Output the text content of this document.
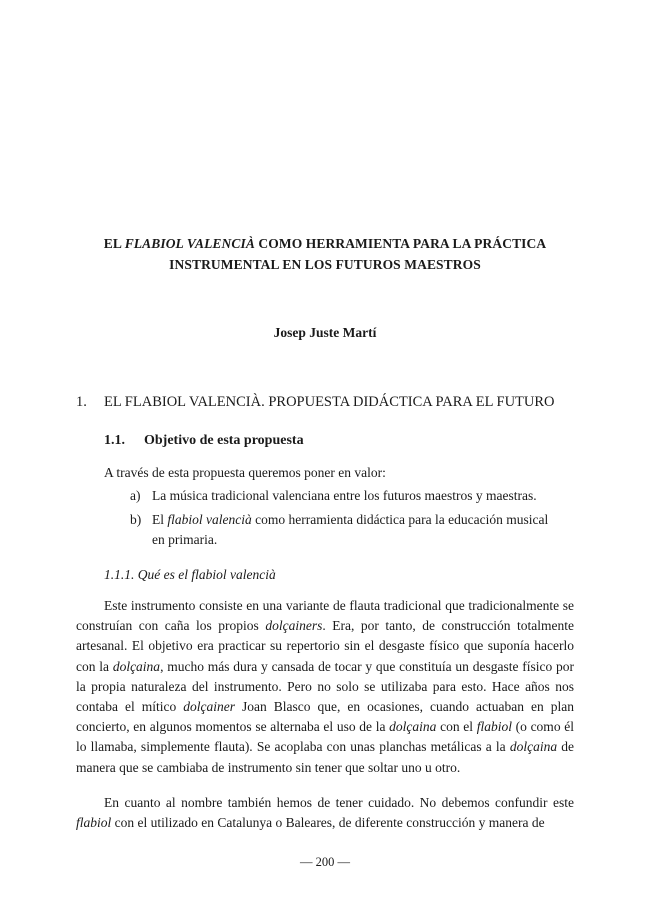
EL FLABIOL VALENCIÀ COMO HERRAMIENTA PARA LA PRÁCTICA
INSTRUMENTAL EN LOS FUTUROS MAESTROS
Josep Juste Martí
1. EL FLABIOL VALENCIÀ. PROPUESTA DIDÁCTICA PARA EL FUTURO
1.1. Objetivo de esta propuesta
A través de esta propuesta queremos poner en valor:
a) La música tradicional valenciana entre los futuros maestros y maestras.
b) El flabiol valencià como herramienta didáctica para la educación musical
en primaria.
1.1.1. Qué es el flabiol valencià
Este instrumento consiste en una variante de flauta tradicional que tradicionalmente se construían con caña los propios dolçainers. Era, por tanto, de construcción totalmente artesanal. El objetivo era practicar su repertorio sin el desgaste físico que suponía hacerlo con la dolçaina, mucho más dura y cansada de tocar y que constituía un desgaste físico por la propia naturaleza del instrumento. Pero no solo se utilizaba para esto. Hace años nos contaba el mítico dolçainer Joan Blasco que, en ocasiones, cuando actuaban en plan concierto, en algunos momentos se alternaba el uso de la dolçaina con el flabiol (o como él lo llamaba, simplemente flauta). Se acoplaba con unas planchas metálicas a la dolçaina de manera que se cambiaba de instrumento sin tener que soltar uno u otro.
En cuanto al nombre también hemos de tener cuidado. No debemos confundir este flabiol con el utilizado en Catalunya o Baleares, de diferente construcción y manera de
— 200 —
